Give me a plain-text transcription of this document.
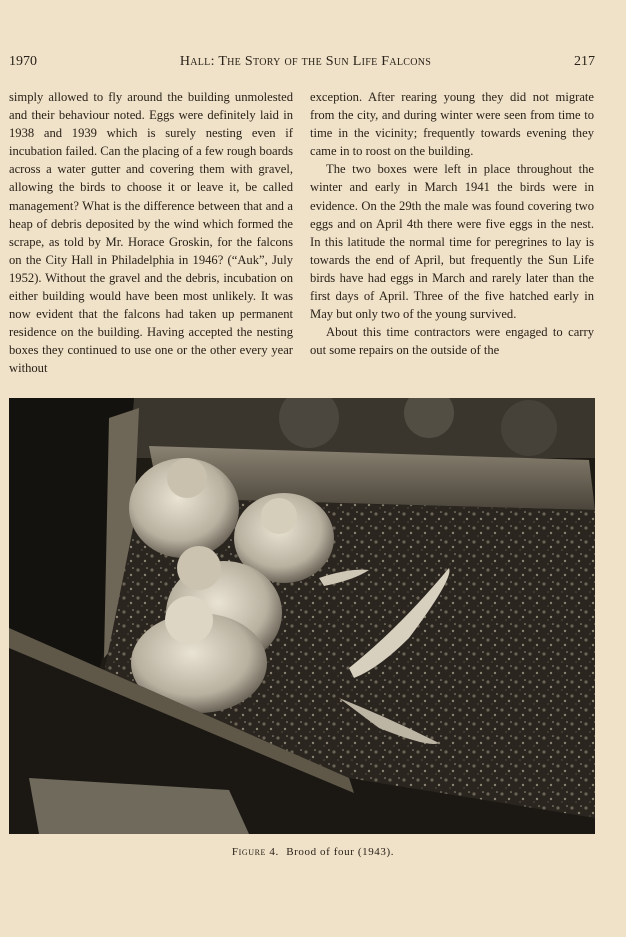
1970	Hall: The Story of the Sun Life Falcons	217

simply allowed to fly around the building unmolested and their behaviour noted. Eggs were definitely laid in 1938 and 1939 which is surely nesting even if incubation failed. Can the placing of a few rough boards across a water gutter and covering them with gravel, allowing the birds to choose it or leave it, be called management? What is the difference between that and a heap of debris deposited by the wind which formed the scrape, as told by Mr. Horace Groskin, for the falcons on the City Hall in Philadelphia in 1946? (“Auk”, July 1952). Without the gravel and the debris, incubation on either building would have been most unlikely. It was now evident that the falcons had taken up permanent residence on the building. Having accepted the nesting boxes they continued to use one or the other every year without

exception. After rearing young they did not migrate from the city, and during winter were seen from time to time in the vicinity; frequently towards evening they came in to roost on the building.

The two boxes were left in place throughout the winter and early in March 1941 the birds were in evidence. On the 29th the male was found covering two eggs and on April 4th there were five eggs in the nest. In this latitude the normal time for peregrines to lay is towards the end of April, but frequently the Sun Life birds have had eggs in March and rarely later than the first days of April. Three of the five hatched early in May but only two of the young survived.

About this time contractors were engaged to carry out some repairs on the outside of the

Figure 4. Brood of four (1943).
